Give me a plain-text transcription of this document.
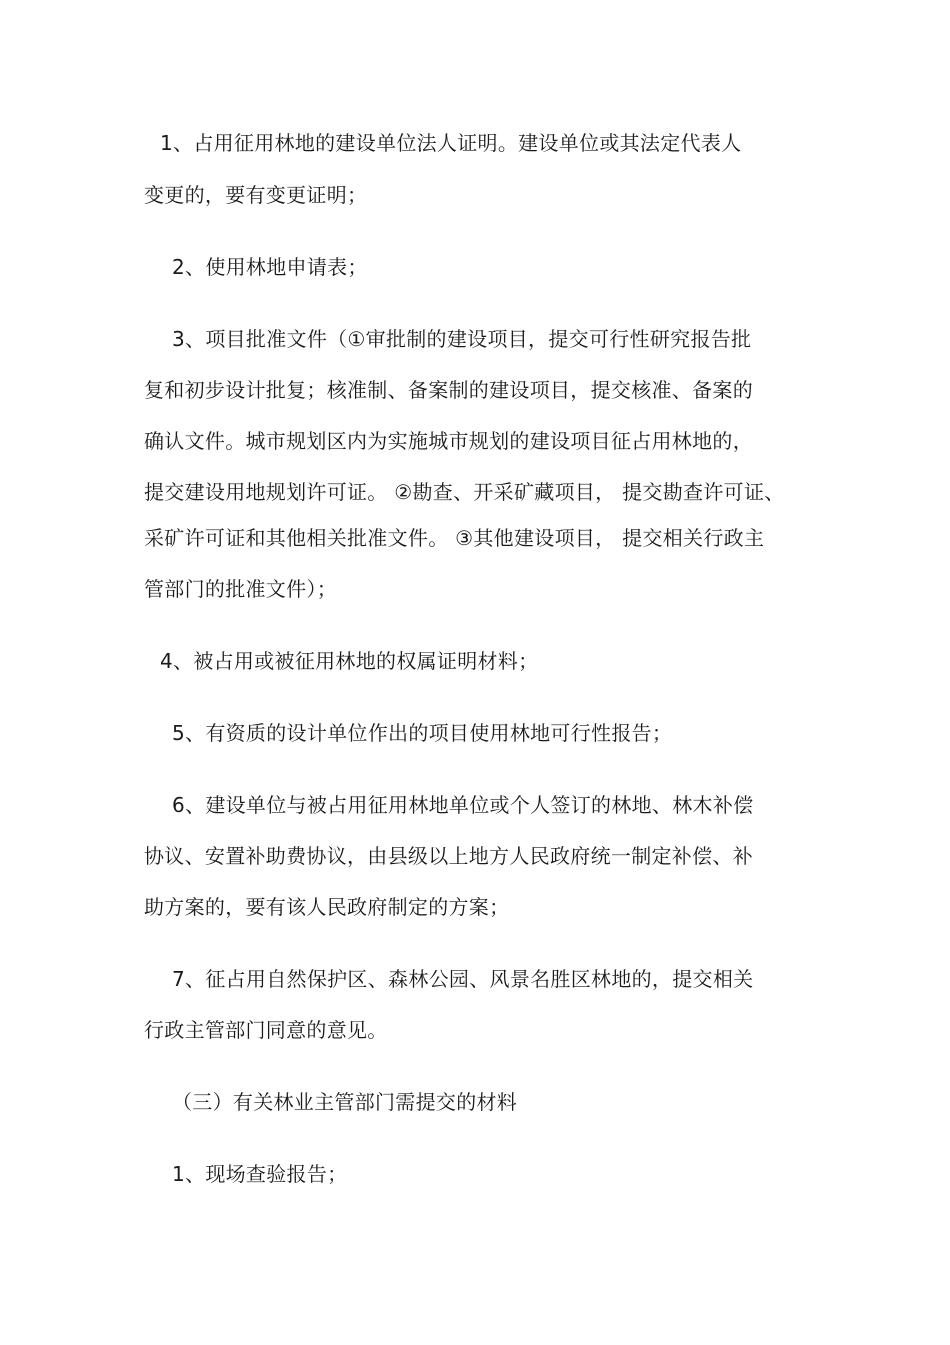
1、占用征用林地的建设单位法人证明。建设单位或其法定代表人
变更的，要有变更证明；
2、使用林地申请表；
3、项目批准文件（①审批制的建设项目，提交可行性研究报告批
复和初步设计批复；核准制、备案制的建设项目，提交核准、备案的
确认文件。城市规划区内为实施城市规划的建设项目征占用林地的，
提交建设用地规划许可证。 ②勘查、开采矿藏项目， 提交勘查许可证、
采矿许可证和其他相关批准文件。 ③其他建设项目， 提交相关行政主
管部门的批准文件）；
4、被占用或被征用林地的权属证明材料；
5、有资质的设计单位作出的项目使用林地可行性报告；
6、建设单位与被占用征用林地单位或个人签订的林地、林木补偿
协议、安置补助费协议，由县级以上地方人民政府统一制定补偿、补
助方案的，要有该人民政府制定的方案；
7、征占用自然保护区、森林公园、风景名胜区林地的，提交相关
行政主管部门同意的意见。
（三）有关林业主管部门需提交的材料
1、现场查验报告；
